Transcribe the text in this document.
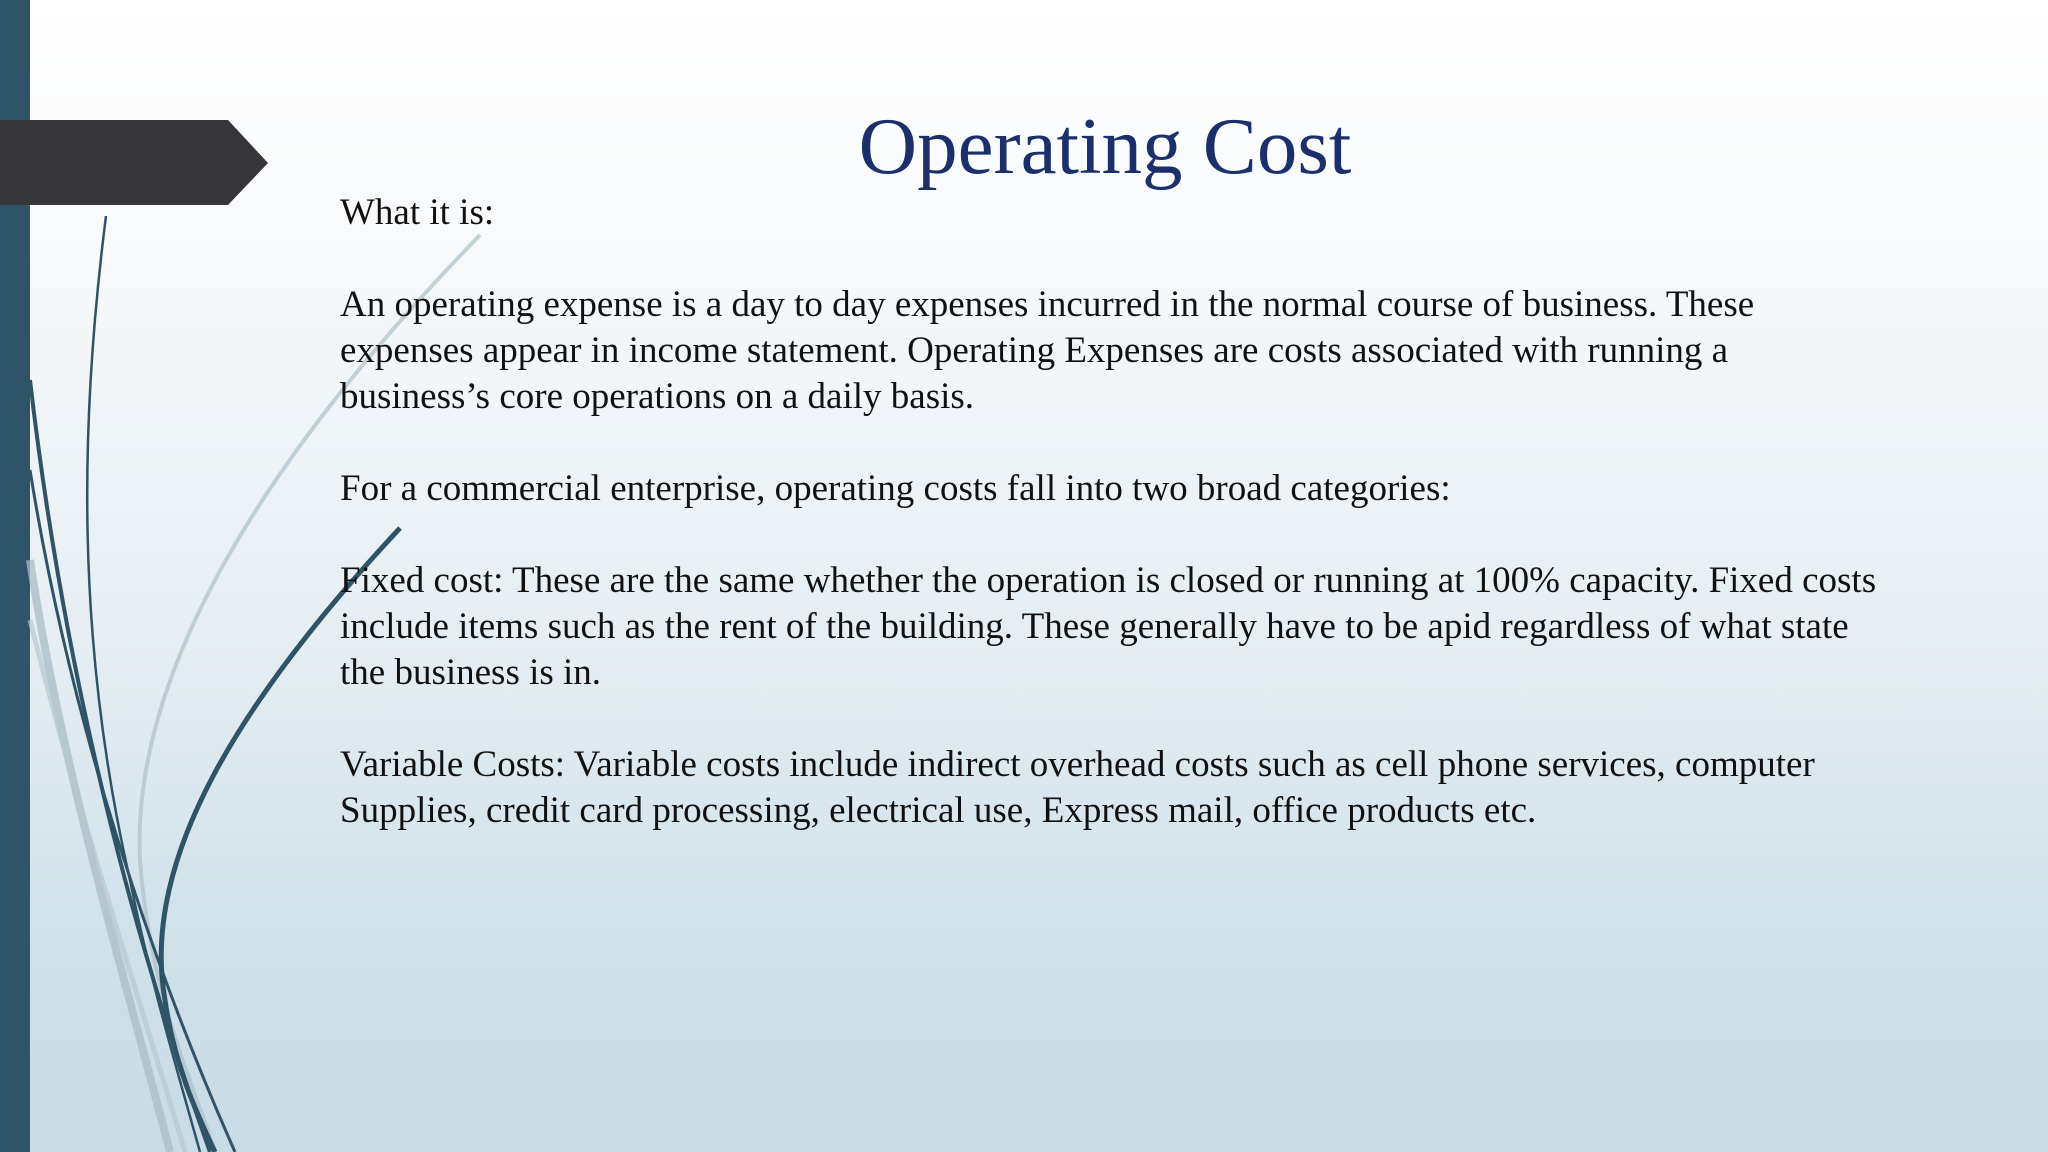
Operating Cost

What it is:

An operating expense is a day to day expenses incurred in the normal course of business. These expenses appear in income statement. Operating Expenses are costs associated with running a business’s core operations on a daily basis.

For a commercial enterprise, operating costs fall into two broad categories:

Fixed cost: These are the same whether the operation is closed or running at 100% capacity. Fixed costs include items such as the rent of the building. These generally have to be apid regardless of what state the business is in.

Variable Costs: Variable costs include indirect overhead costs such as cell phone services, computer Supplies, credit card processing, electrical use, Express mail, office products etc.
